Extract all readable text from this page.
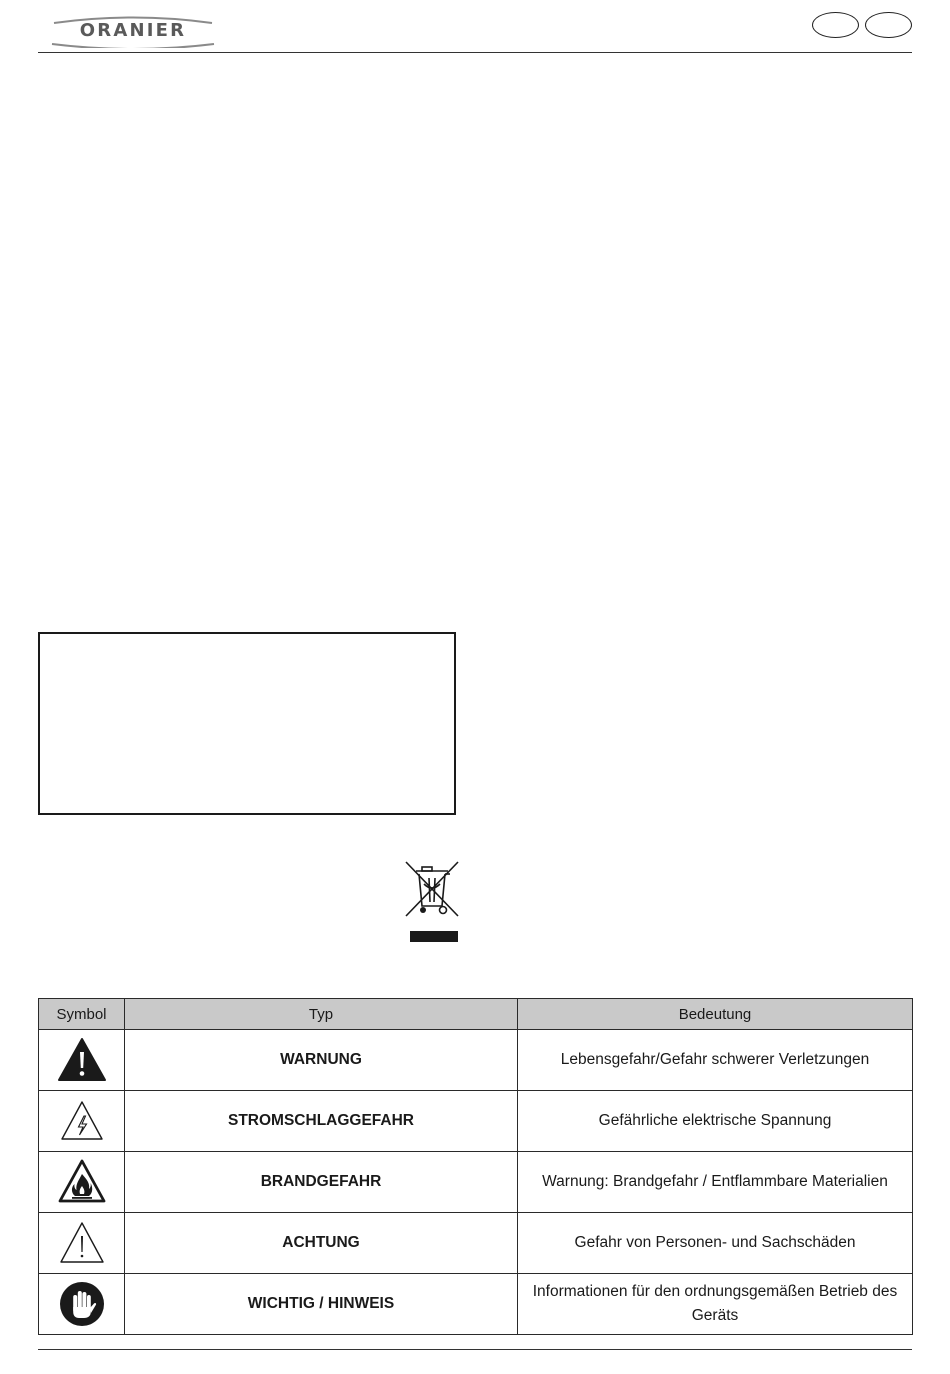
ORANIER
Symbol	Typ	Bedeutung

	WARNUNG	Lebensgefahr/Gefahr schwerer Verletzungen

	STROMSCHLAGGEFAHR	Gefährliche elektrische Spannung

	BRANDGEFAHR	Warnung: Brandgefahr / Entflammbare Materialien

	ACHTUNG	Gefahr von Personen- und Sachschäden

	WICHTIG / HINWEIS	Informationen für den ordnungsgemäßen Betrieb des Geräts
